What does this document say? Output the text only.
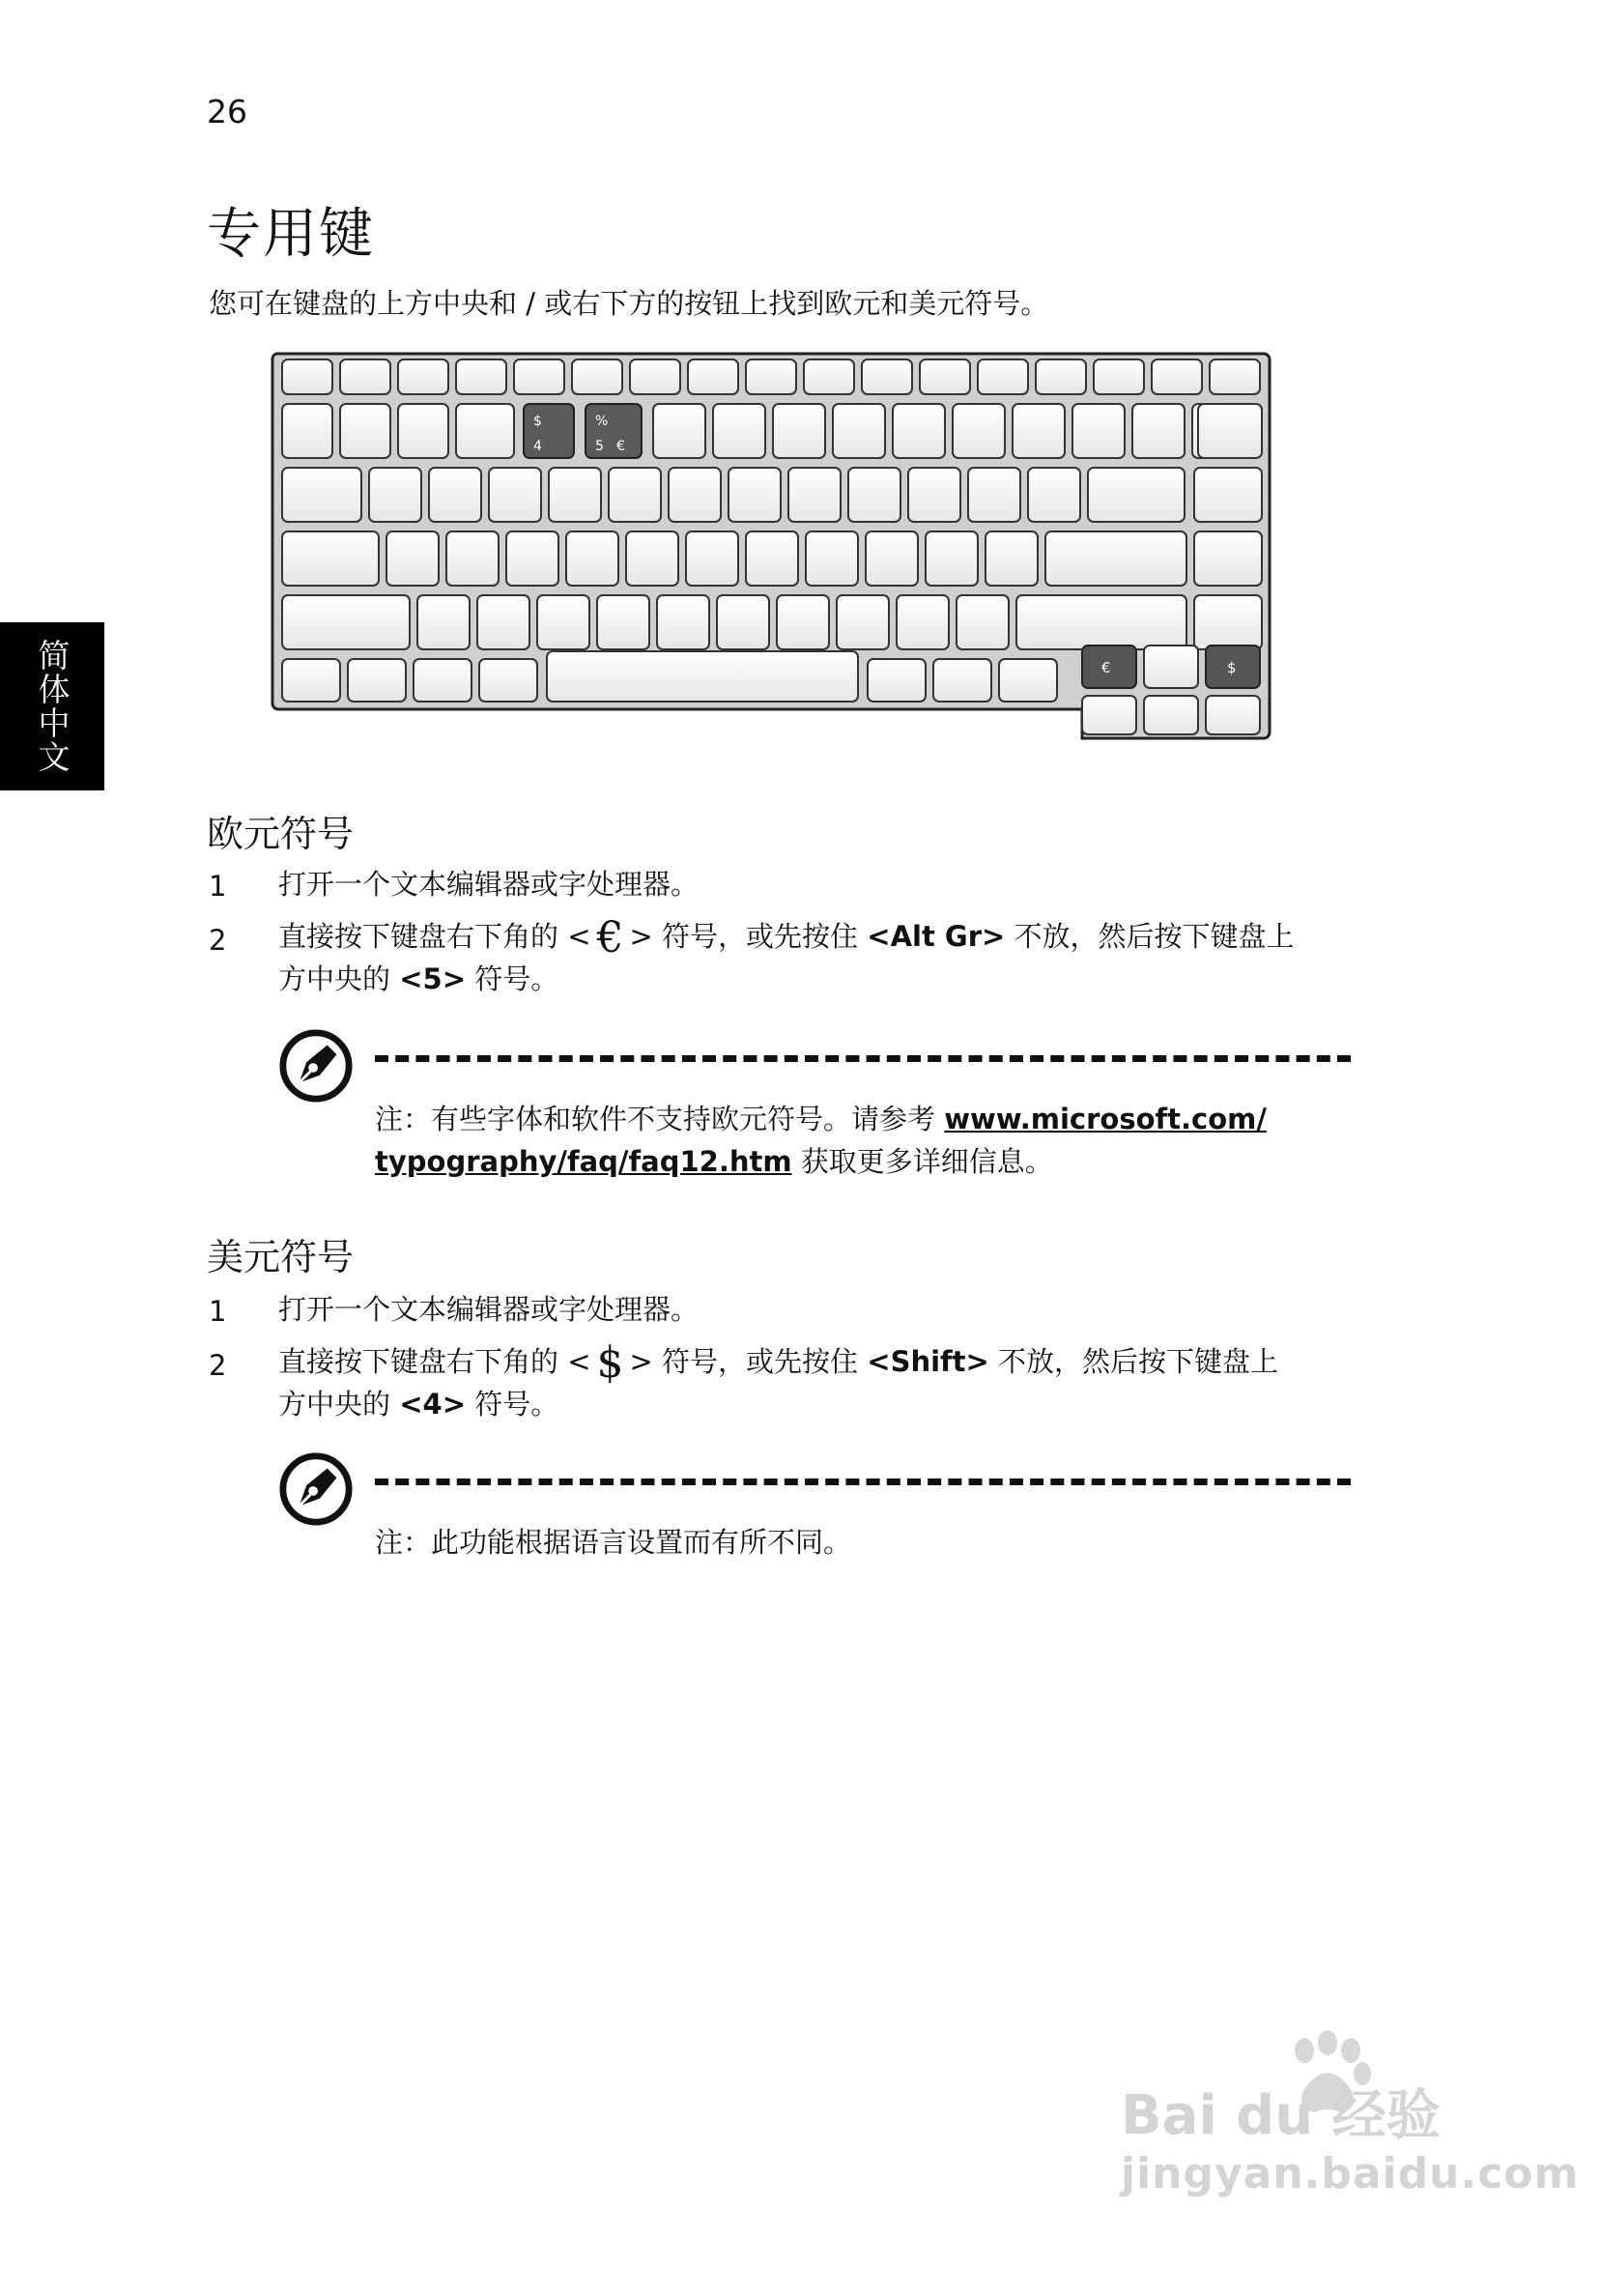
26
简体中文
专用键
您可在键盘的上方中央和 / 或右下方的按钮上找到欧元和美元符号。
$
4
%
5 €
€	$
欧元符号
1 打开一个文本编辑器或字处理器。
2 直接按下键盘右下角的 < € > 符号，或先按住 <Alt Gr> 不放，然后按下键盘上
方中央的 <5> 符号。
注：有些字体和软件不支持欧元符号。请参考 www.microsoft.com/
typography/faq/faq12.htm 获取更多详细信息。
美元符号
1 打开一个文本编辑器或字处理器。
2 直接按下键盘右下角的 < $ > 符号，或先按住 <Shift> 不放，然后按下键盘上
方中央的 <4> 符号。
注：此功能根据语言设置而有所不同。
Bai du 经验
jingyan.baidu.com
